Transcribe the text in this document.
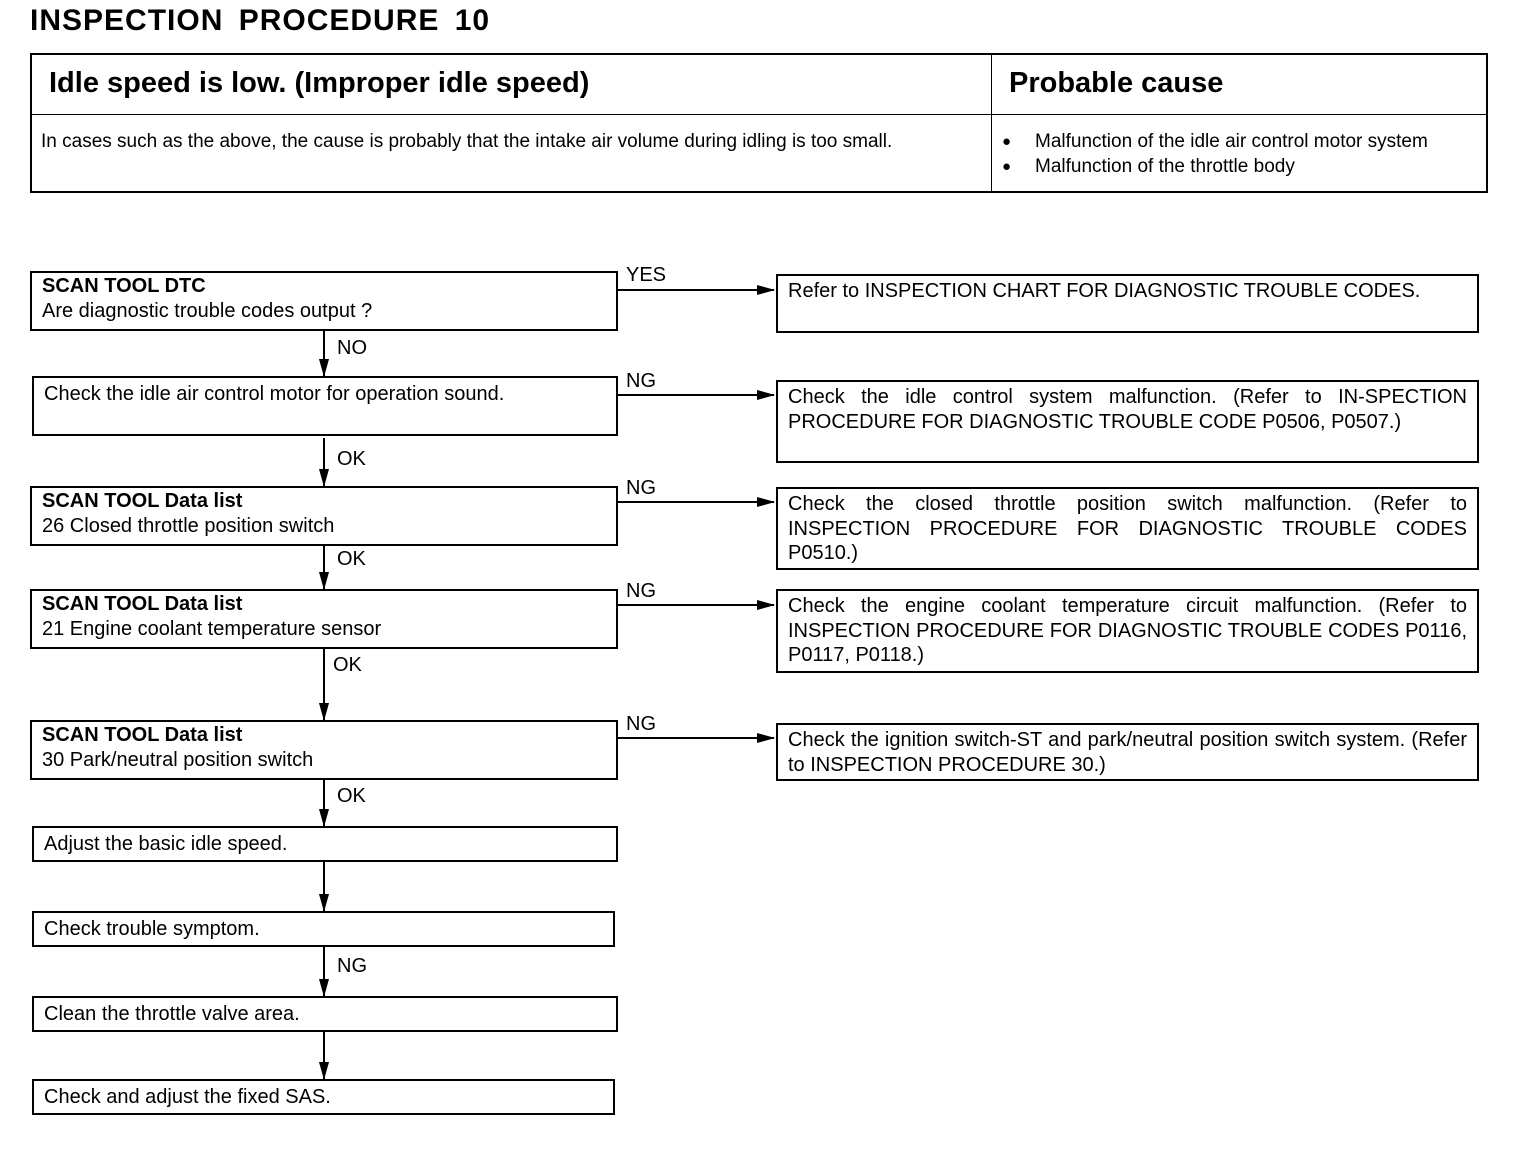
INSPECTION PROCEDURE 10
Idle speed is low. (Improper idle speed)	Probable cause
In cases such as the above, the cause is probably that the intake air volume during idling is too small.	●	Malfunction of the idle air control motor system
●	Malfunction of the throttle body
SCAN TOOL DTC
Are diagnostic trouble codes output ?
Check the idle air control motor for operation sound.
SCAN TOOL Data list
26 Closed throttle position switch
SCAN TOOL Data list
21 Engine coolant temperature sensor
SCAN TOOL Data list
30 Park/neutral position switch
Adjust the basic idle speed.
Check trouble symptom.
Clean the throttle valve area.
Check and adjust the fixed SAS.
Refer to INSPECTION CHART FOR DIAGNOSTIC TROUBLE CODES.
Check the idle control system malfunction. (Refer to IN-SPECTION PROCEDURE FOR DIAGNOSTIC TROUBLE CODE P0506, P0507.)
Check the closed throttle position switch malfunction. (Refer to INSPECTION PROCEDURE FOR DIAGNOSTIC TROUBLE CODES P0510.)
Check the engine coolant temperature circuit malfunction. (Refer to INSPECTION PROCEDURE FOR DIAGNOSTIC TROUBLE CODES P0116, P0117, P0118.)
Check the ignition switch-ST and park/neutral position switch system. (Refer to INSPECTION PROCEDURE 30.)
YES
NG
NG
NG
NG
NO
OK
OK
OK
OK
NG
